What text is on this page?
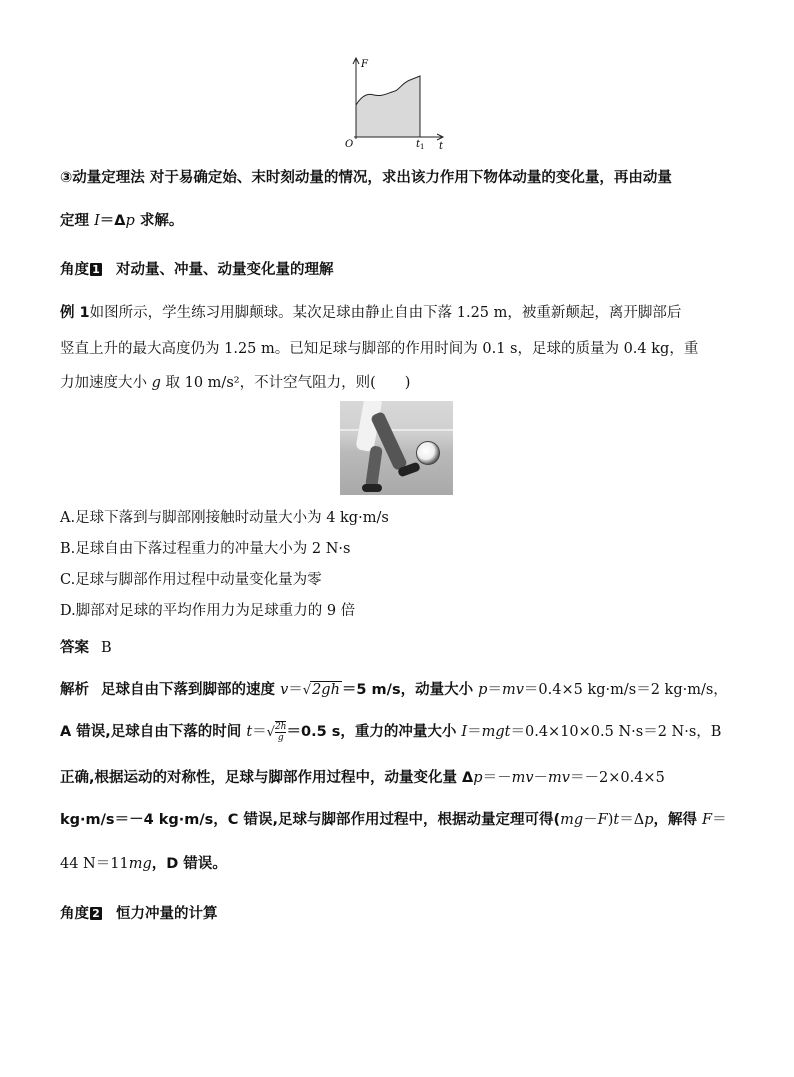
F
O	$t_1$ t
③动量定理法 对于易确定始、末时刻动量的情况，求出该力作用下物体动量的变化量，再由动量
定理 I＝Δp 求解。
角度 1 对动量、冲量、动量变化量的理解
例 1如图所示，学生练习用脚颠球。某次足球由静止自由下落 1.25 m，被重新颠起，离开脚部后
竖直上升的最大高度仍为 1.25 m。已知足球与脚部的作用时间为 0.1 s，足球的质量为 0.4 kg，重
力加速度大小 g 取 10 m/s²，不计空气阻力，则(　　)
A.足球下落到与脚部刚接触时动量大小为 4 kg·m/s
B.足球自由下落过程重力的冲量大小为 2 N·s
C.足球与脚部作用过程中动量变化量为零
D.脚部对足球的平均作用力为足球重力的 9 倍
答案 B
解析 足球自由下落到脚部的速度 v＝√2gh ＝5 m/s，动量大小 p＝mv＝0.4×5 kg·m/s＝2 kg·m/s，
A 错误,足球自由下落的时间 $t=√ \frac{2h}{g} =0.5$ s，重力的冲量大小 I＝mgt＝0.4×10×0.5 N·s＝2 N·s，B
正确,根据运动的对称性，足球与脚部作用过程中，动量变化量 Δp＝－mv－mv＝－2×0.4×5
kg·m/s＝－4 kg·m/s，C 错误,足球与脚部作用过程中，根据动量定理可得(mg－F)t＝Δp，解得 F＝
44 N＝11mg，D 错误。
角度 2 恒力冲量的计算
